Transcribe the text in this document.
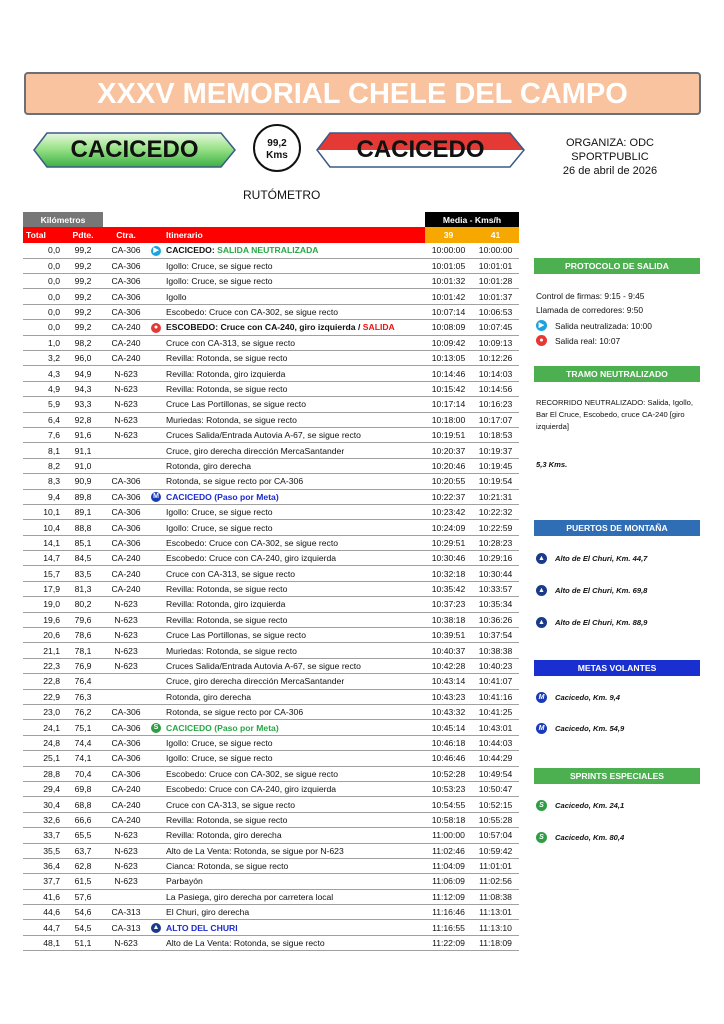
XXXV MEMORIAL CHELE DEL CAMPO
CACICEDO	99,2
Kms	CACICEDO	ORGANIZA: ODC SPORTPUBLIC
26 de abril de 2026
RUTÓMETRO
Kilómetros					Media - Kms/h	
Total	Pdte.	Ctra.		Itinerario	39	41
0,0	99,2	CA-306	▶	CACICEDO: SALIDA NEUTRALIZADA	10:00:00	10:00:00
0,0	99,2	CA-306		Igollo: Cruce, se sigue recto	10:01:05	10:01:01
0,0	99,2	CA-306		Igollo: Cruce, se sigue recto	10:01:32	10:01:28
0,0	99,2	CA-306		Igollo	10:01:42	10:01:37
0,0	99,2	CA-306		Escobedo: Cruce con CA-302, se sigue recto	10:07:14	10:06:53
0,0	99,2	CA-240	●	ESCOBEDO: Cruce con CA-240, giro izquierda / SALIDA	10:08:09	10:07:45
1,0	98,2	CA-240		Cruce con CA-313, se sigue recto	10:09:42	10:09:13
3,2	96,0	CA-240		Revilla: Rotonda, se sigue recto	10:13:05	10:12:26
4,3	94,9	N-623		Revilla: Rotonda, giro izquierda	10:14:46	10:14:03
4,9	94,3	N-623		Revilla: Rotonda, se sigue recto	10:15:42	10:14:56
5,9	93,3	N-623		Cruce Las Portillonas, se sigue recto	10:17:14	10:16:23
6,4	92,8	N-623		Muriedas: Rotonda, se sigue recto	10:18:00	10:17:07
7,6	91,6	N-623		Cruces Salida/Entrada Autovia A-67, se sigue recto	10:19:51	10:18:53
8,1	91,1			Cruce, giro derecha dirección MercaSantander	10:20:37	10:19:37
8,2	91,0			Rotonda, giro derecha	10:20:46	10:19:45
8,3	90,9	CA-306		Rotonda, se sigue recto por CA-306	10:20:55	10:19:54
9,4	89,8	CA-306	M	CACICEDO (Paso por Meta)	10:22:37	10:21:31
10,1	89,1	CA-306		Igollo: Cruce, se sigue recto	10:23:42	10:22:32
10,4	88,8	CA-306		Igollo: Cruce, se sigue recto	10:24:09	10:22:59
14,1	85,1	CA-306		Escobedo: Cruce con CA-302, se sigue recto	10:29:51	10:28:23
14,7	84,5	CA-240		Escobedo: Cruce con CA-240, giro izquierda	10:30:46	10:29:16
15,7	83,5	CA-240		Cruce con CA-313, se sigue recto	10:32:18	10:30:44
17,9	81,3	CA-240		Revilla: Rotonda, se sigue recto	10:35:42	10:33:57
19,0	80,2	N-623		Revilla: Rotonda, giro izquierda	10:37:23	10:35:34
19,6	79,6	N-623		Revilla: Rotonda, se sigue recto	10:38:18	10:36:26
20,6	78,6	N-623		Cruce Las Portillonas, se sigue recto	10:39:51	10:37:54
21,1	78,1	N-623		Muriedas: Rotonda, se sigue recto	10:40:37	10:38:38
22,3	76,9	N-623		Cruces Salida/Entrada Autovia A-67, se sigue recto	10:42:28	10:40:23
22,8	76,4			Cruce, giro derecha dirección MercaSantander	10:43:14	10:41:07
22,9	76,3			Rotonda, giro derecha	10:43:23	10:41:16
23,0	76,2	CA-306		Rotonda, se sigue recto por CA-306	10:43:32	10:41:25
24,1	75,1	CA-306	S	CACICEDO (Paso por Meta)	10:45:14	10:43:01
24,8	74,4	CA-306		Igollo: Cruce, se sigue recto	10:46:18	10:44:03
25,1	74,1	CA-306		Igollo: Cruce, se sigue recto	10:46:46	10:44:29
28,8	70,4	CA-306		Escobedo: Cruce con CA-302, se sigue recto	10:52:28	10:49:54
29,4	69,8	CA-240		Escobedo: Cruce con CA-240, giro izquierda	10:53:23	10:50:47
30,4	68,8	CA-240		Cruce con CA-313, se sigue recto	10:54:55	10:52:15
32,6	66,6	CA-240		Revilla: Rotonda, se sigue recto	10:58:18	10:55:28
33,7	65,5	N-623		Revilla: Rotonda, giro derecha	11:00:00	10:57:04
35,5	63,7	N-623		Alto de La Venta: Rotonda, se sigue por N-623	11:02:46	10:59:42
36,4	62,8	N-623		Cianca: Rotonda, se sigue recto	11:04:09	11:01:01
37,7	61,5	N-623		Parbayón	11:06:09	11:02:56
41,6	57,6			La Pasiega, giro derecha por carretera local	11:12:09	11:08:38
44,6	54,6	CA-313		El Churi, giro derecha	11:16:46	11:13:01
44,7	54,5	CA-313	▲	ALTO DEL CHURI	11:16:55	11:13:10
48,1	51,1	N-623		Alto de La Venta: Rotonda, se sigue recto	11:22:09	11:18:09
PROTOCOLO DE SALIDA
Control de firmas: 9:15 - 9:45
Llamada de corredores: 9:50
▶	Salida neutralizada: 10:00
●	Salida real: 10:07
TRAMO NEUTRALIZADO
RECORRIDO NEUTRALIZADO: Salida, Igollo, Bar El Cruce, Escobedo, cruce CA-240 [giro izquierda]
5,3 Kms.
PUERTOS DE MONTAÑA
▲ Alto de El Churi, Km. 44,7
▲ Alto de El Churi, Km. 69,8
▲ Alto de El Churi, Km. 88,9
METAS VOLANTES
M	Cacicedo, Km. 9,4
M	Cacicedo, Km. 54,9
SPRINTS ESPECIALES
S	Cacicedo, Km. 24,1
S	Cacicedo, Km. 80,4
